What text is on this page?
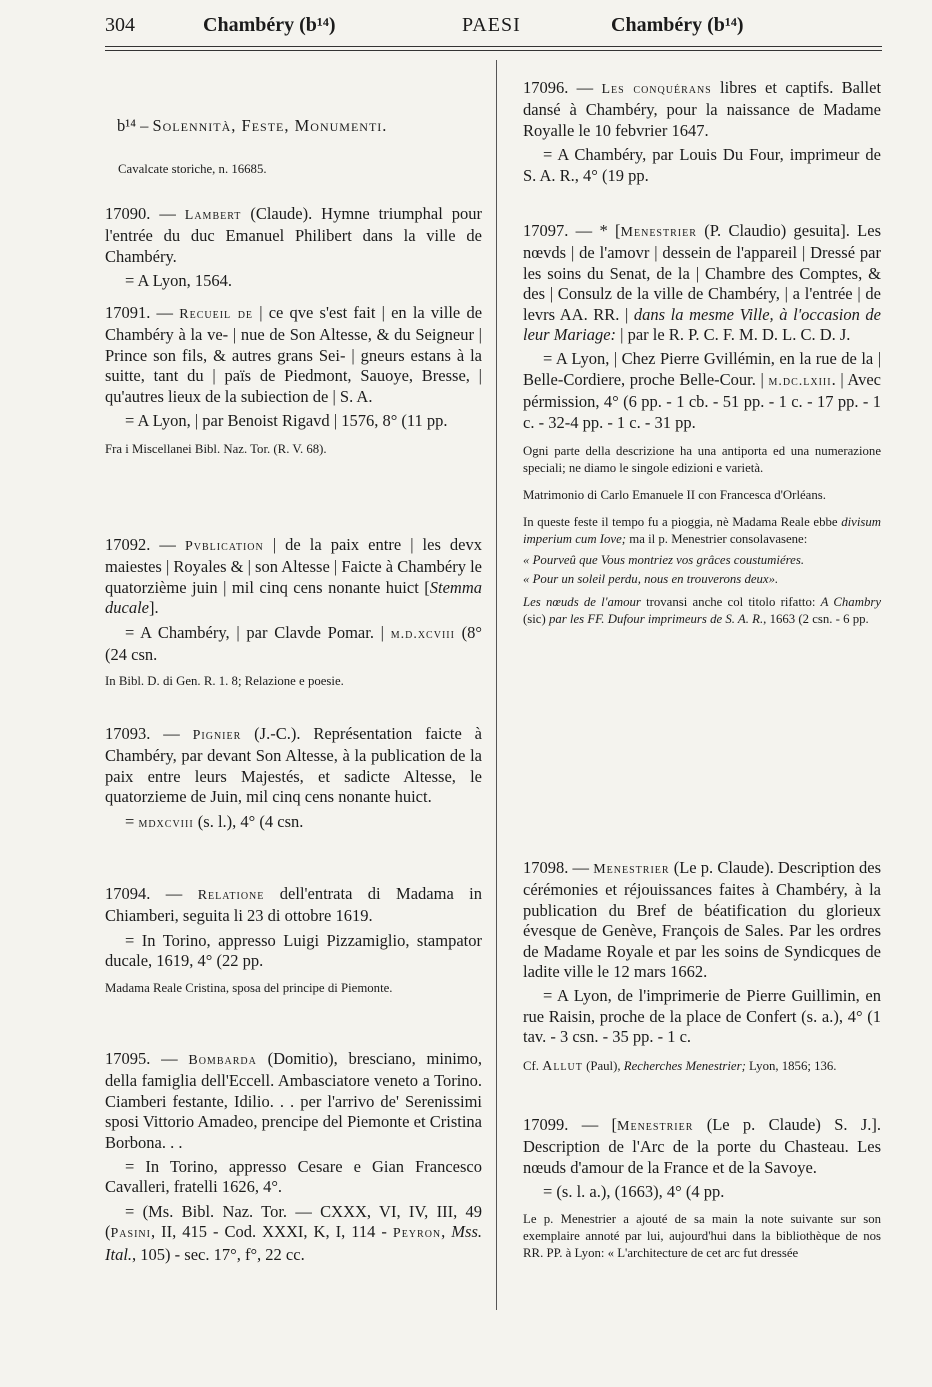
304	Chambéry (b¹⁴)	PAESI	Chambéry (b¹⁴)

b¹⁴ – Solennità, Feste, Monumenti.

Cavalcate storiche, n. 16685.

17090. — Lambert (Claude). Hymne triumphal pour l'entrée du duc Emanuel Philibert dans la ville de Chambéry.

= A Lyon, 1564.

17091. — Recueil de | ce qve s'est fait | en la ville de Chambéry à la ve- | nue de Son Altesse, & du Seigneur | Prince son fils, & autres grans Sei- | gneurs estans à la suitte, tant du | païs de Piedmont, Sauoye, Bresse, | qu'autres lieux de la subiection de | S. A.

= A Lyon, | par Benoist Rigavd | 1576, 8° (11 pp.

Fra i Miscellanei Bibl. Naz. Tor. (R. V. 68).

17092. — Pvblication | de la paix entre | les devx maiestes | Royales & | son Altesse | Faicte à Chambéry le quatorzième juin | mil cinq cens nonante huict [Stemma ducale].

= A Chambéry, | par Clavde Pomar. | m.d.xcviii (8° (24 csn.

In Bibl. D. di Gen. R. 1. 8; Relazione e poesie.

17093. — Pignier (J.-C.). Représentation faicte à Chambéry, par devant Son Altesse, à la publication de la paix entre leurs Majestés, et sadicte Altesse, le quatorzieme de Juin, mil cinq cens nonante huict.

= mdxcviii (s. l.), 4° (4 csn.

17094. — Relatione dell'entrata di Madama in Chiamberi, seguita li 23 di ottobre 1619.

= In Torino, appresso Luigi Pizzamiglio, stampator ducale, 1619, 4° (22 pp.

Madama Reale Cristina, sposa del principe di Piemonte.

17095. — Bombarda (Domitio), bresciano, minimo, della famiglia dell'Eccell. Ambasciatore veneto a Torino. Ciamberi festante, Idilio. . . per l'arrivo de' Serenissimi sposi Vittorio Amadeo, prencipe del Piemonte et Cristina Borbona. . .

= In Torino, appresso Cesare e Gian Francesco Cavalleri, fratelli 1626, 4°.

= (Ms. Bibl. Naz. Tor. — CXXX, VI, IV, III, 49 (Pasini, II, 415 - Cod. XXXI, K, I, 114 - Peyron, Mss. Ital., 105) - sec. 17°, f°, 22 cc.

17096. — Les conquérans libres et captifs. Ballet dansé à Chambéry, pour la naissance de Madame Royalle le 10 febvrier 1647.

= A Chambéry, par Louis Du Four, imprimeur de S. A. R., 4° (19 pp.

17097. — * [Menestrier (P. Claudio) gesuita]. Les nœvds | de l'amovr | dessein de l'appareil | Dressé par les soins du Senat, de la | Chambre des Comptes, & des | Consulz de la ville de Chambéry, | a l'entrée | de levrs AA. RR. | dans la mesme Ville, à l'occasion de leur Mariage: | par le R. P. C. F. M. D. L. C. D. J.

= A Lyon, | Chez Pierre Gvillémin, en la rue de la | Belle-Cordiere, proche Belle-Cour. | m.dc.lxiii. | Avec pérmission, 4° (6 pp. - 1 cb. - 51 pp. - 1 c. - 17 pp. - 1 c. - 32-4 pp. - 1 c. - 31 pp.

Ogni parte della descrizione ha una antiporta ed una numerazione speciali; ne diamo le singole edizioni e varietà.

Matrimonio di Carlo Emanuele II con Francesca d'Orléans.

In queste feste il tempo fu a pioggia, nè Madama Reale ebbe divisum imperium cum Iove; ma il p. Menestrier consolavasene:

« Pourveû que Vous montriez vos grâces coustumiéres.

« Pour un soleil perdu, nous en trouverons deux».

Les nœuds de l'amour trovansi anche col titolo rifatto: A Chambry (sic) par les FF. Dufour imprimeurs de S. A. R., 1663 (2 csn. - 6 pp.

17098. — Menestrier (Le p. Claude). Description des cérémonies et réjouissances faites à Chambéry, à la publication du Bref de béatification du glorieux évesque de Genève, François de Sales. Par les ordres de Madame Royale et par les soins de Syndicques de ladite ville le 12 mars 1662.

= A Lyon, de l'imprimerie de Pierre Guillimin, en rue Raisin, proche de la place de Confert (s. a.), 4° (1 tav. - 3 csn. - 35 pp. - 1 c.

Cf. Allut (Paul), Recherches Menestrier; Lyon, 1856; 136.

17099. — [Menestrier (Le p. Claude) S. J.]. Description de l'Arc de la porte du Chasteau. Les nœuds d'amour de la France et de la Savoye.

= (s. l. a.), (1663), 4° (4 pp.

Le p. Menestrier a ajouté de sa main la note suivante sur son exemplaire annoté par lui, aujourd'hui dans la bibliothèque de nos RR. PP. à Lyon: « L'architecture de cet arc fut dressée
